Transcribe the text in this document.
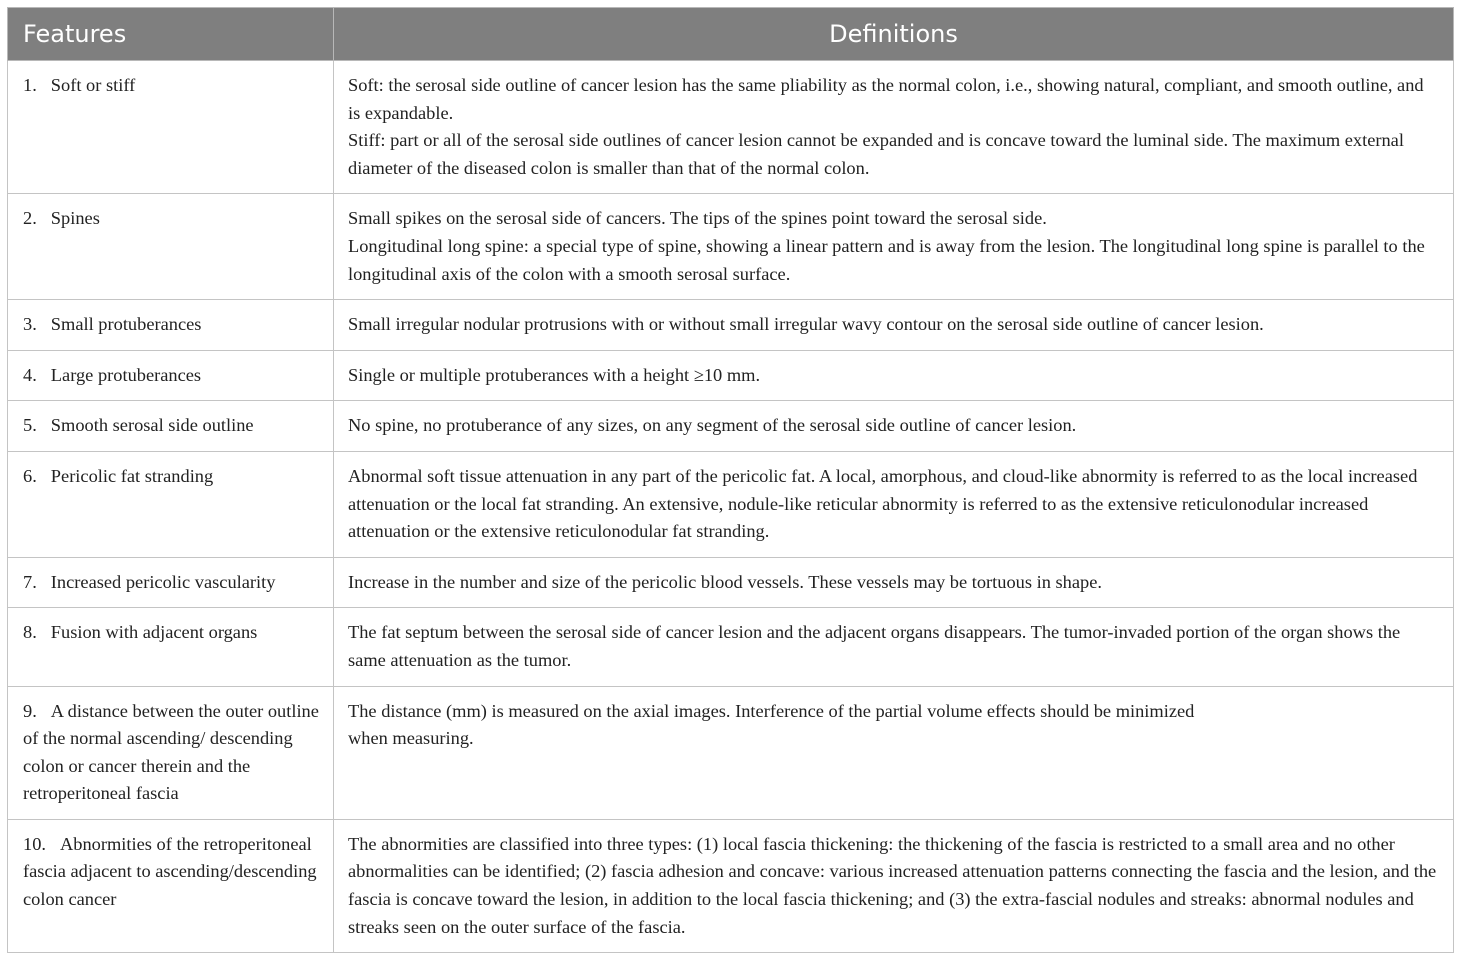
Features	Definitions
1. Soft or stiff	Soft: the serosal side outline of cancer lesion has the same pliability as the normal colon, i.e., showing natural, compliant, and smooth outline, and is expandable.
Stiff: part or all of the serosal side outlines of cancer lesion cannot be expanded and is concave toward the luminal side. The maximum external diameter of the diseased colon is smaller than that of the normal colon.

2. Spines	Small spikes on the serosal side of cancers. The tips of the spines point toward the serosal side.
Longitudinal long spine: a special type of spine, showing a linear pattern and is away from the lesion. The longitudinal long spine is parallel to the longitudinal axis of the colon with a smooth serosal surface.

3. Small protuberances	Small irregular nodular protrusions with or without small irregular wavy contour on the serosal side outline of cancer lesion.

4. Large protuberances	Single or multiple protuberances with a height ≥10 mm.

5. Smooth serosal side outline	No spine, no protuberance of any sizes, on any segment of the serosal side outline of cancer lesion.

6. Pericolic fat stranding	Abnormal soft tissue attenuation in any part of the pericolic fat. A local, amorphous, and cloud-like abnormity is referred to as the local increased attenuation or the local fat stranding. An extensive, nodule-like reticular abnormity is referred to as the extensive reticulonodular increased attenuation or the extensive reticulonodular fat stranding.

7. Increased pericolic vascularity	Increase in the number and size of the pericolic blood vessels. These vessels may be tortuous in shape.

8. Fusion with adjacent organs	The fat septum between the serosal side of cancer lesion and the adjacent organs disappears. The tumor-invaded portion of the organ shows the same attenuation as the tumor.

9. A distance between the outer outline of the normal ascending/ descending colon or cancer therein and the retroperitoneal fascia	The distance (mm) is measured on the axial images. Interference of the partial volume effects should be minimized
when measuring.

10. Abnormities of the retroperitoneal fascia adjacent to ascending/descending colon cancer	The abnormities are classified into three types: (1) local fascia thickening: the thickening of the fascia is restricted to a small area and no other abnormalities can be identified; (2) fascia adhesion and concave: various increased attenuation patterns connecting the fascia and the lesion, and the fascia is concave toward the lesion, in addition to the local fascia thickening; and (3) the extra-fascial nodules and streaks: abnormal nodules and streaks seen on the outer surface of the fascia.
